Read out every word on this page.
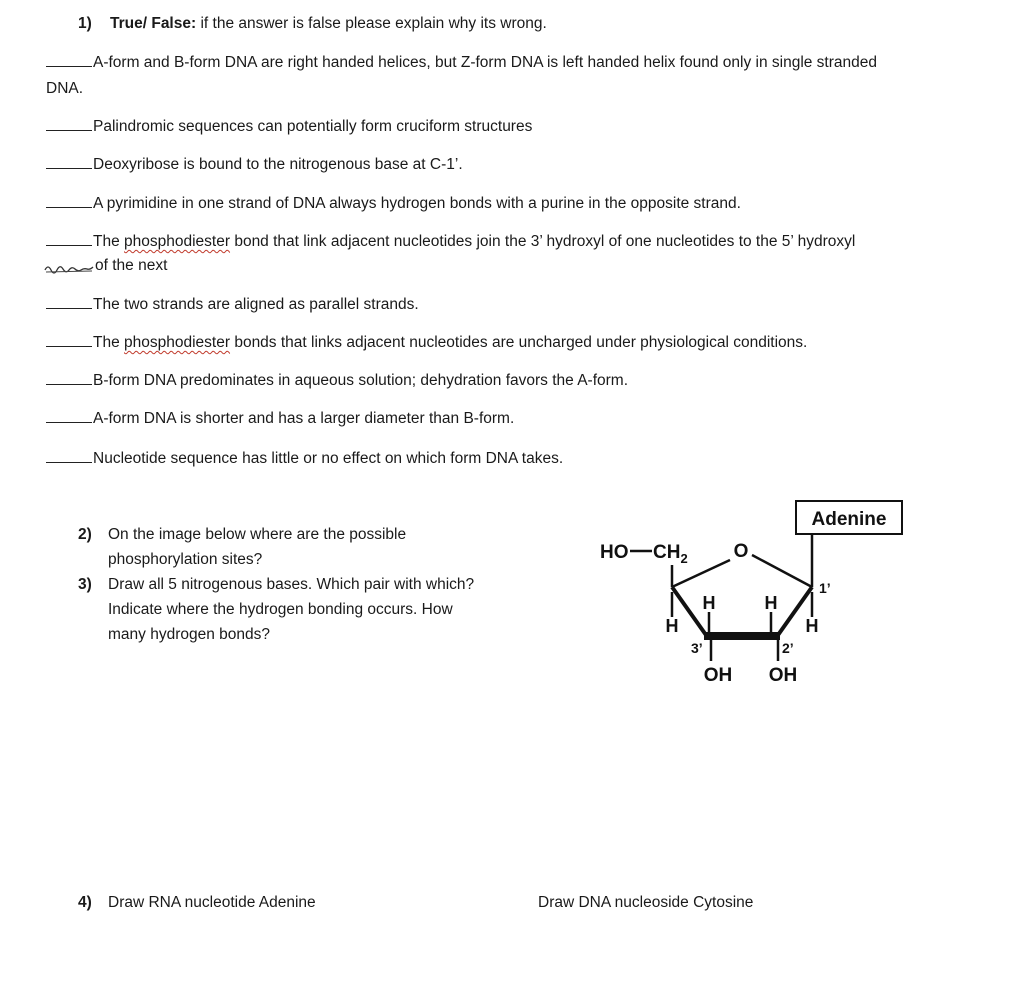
1) True/ False: if the answer is false please explain why its wrong.
A-form and B-form DNA are right handed helices, but Z-form DNA is left handed helix found only in single stranded
DNA.
Palindromic sequences can potentially form cruciform structures
Deoxyribose is bound to the nitrogenous base at C-1’.
A pyrimidine in one strand of DNA always hydrogen bonds with a purine in the opposite strand.
The phosphodiester bond that link adjacent nucleotides join the 3’ hydroxyl of one nucleotides to the 5’ hydroxyl
of the next
The two strands are aligned as parallel strands.
The phosphodiester bonds that links adjacent nucleotides are uncharged under physiological conditions.
B-form DNA predominates in aqueous solution; dehydration favors the A-form.
A-form DNA is shorter and has a larger diameter than B-form.
Nucleotide sequence has little or no effect on which form DNA takes.
2) On the image below where are the possible
phosphorylation sites?
3) Draw all 5 nitrogenous bases. Which pair with which?
Indicate where the hydrogen bonding occurs. How
many hydrogen bonds?
Adenine
HO $CH_2$ O
H
H	H
H
1’
2’
3’
OH OH
4) Draw RNA nucleotide Adenine	Draw DNA nucleoside Cytosine
